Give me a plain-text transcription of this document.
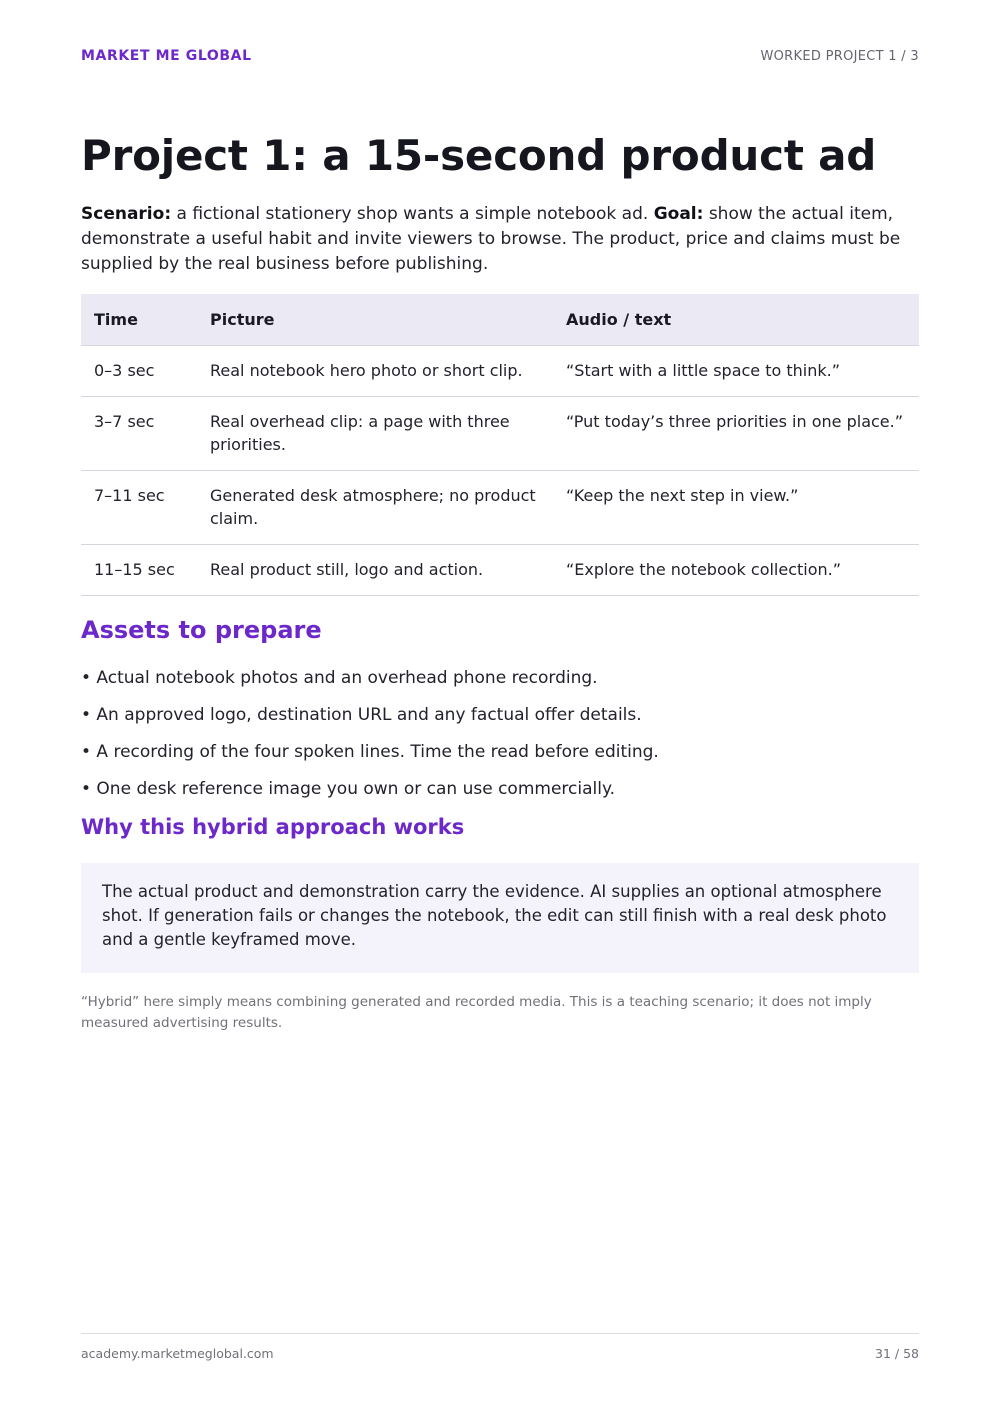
MARKET ME GLOBAL	WORKED PROJECT 1 / 3
Project 1: a 15-second product ad

Scenario: a fictional stationery shop wants a simple notebook ad. Goal: show the actual item, demonstrate a useful habit and invite viewers to browse. The product, price and claims must be supplied by the real business before publishing.

Time	Picture	Audio / text
0–3 sec	Real notebook hero photo or short clip.	“Start with a little space to think.”
3–7 sec	Real overhead clip: a page with three priorities.	“Put today’s three priorities in one place.”
7–11 sec	Generated desk atmosphere; no product claim.	“Keep the next step in view.”
11–15 sec	Real product still, logo and action.	“Explore the notebook collection.”
Assets to prepare
• Actual notebook photos and an overhead phone recording.
• An approved logo, destination URL and any factual offer details.
• A recording of the four spoken lines. Time the read before editing.
• One desk reference image you own or can use commercially.
Why this hybrid approach works
The actual product and demonstration carry the evidence. AI supplies an optional atmosphere shot. If generation fails or changes the notebook, the edit can still finish with a real desk photo and a gentle keyframed move.
“Hybrid” here simply means combining generated and recorded media. This is a teaching scenario; it does not imply measured advertising results.
academy.marketmeglobal.com	31 / 58
